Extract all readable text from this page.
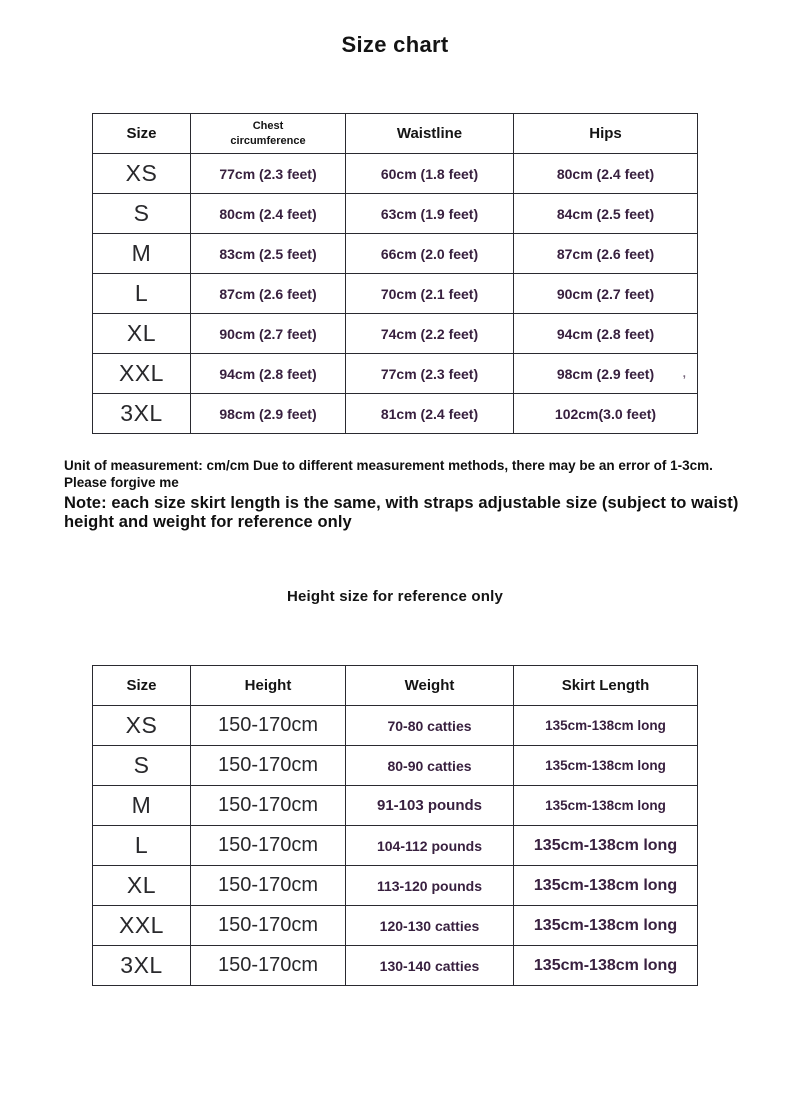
Size chart
Size	Chest circumference	Waistline	Hips
XS	77cm (2.3 feet)	60cm (1.8 feet)	80cm (2.4 feet)
S	80cm (2.4 feet)	63cm (1.9 feet)	84cm (2.5 feet)
M	83cm (2.5 feet)	66cm (2.0 feet)	87cm (2.6 feet)
L	87cm (2.6 feet)	70cm (2.1 feet)	90cm (2.7 feet)
XL	90cm (2.7 feet)	74cm (2.2 feet)	94cm (2.8 feet)
XXL	94cm (2.8 feet)	77cm (2.3 feet)	98cm (2.9 feet) ,

3XL	98cm (2.9 feet)	81cm (2.4 feet)	102cm(3.0 feet)

Unit of measurement: cm/cm Due to different measurement methods, there may be an error of 1-3cm. Please forgive me

Note: each size skirt length is the same, with straps adjustable size (subject to waist) height and weight for reference only

Height size for reference only
Size	Height	Weight	Skirt Length
XS	150-170cm	70-80 catties	135cm-138cm long
S	150-170cm	80-90 catties	135cm-138cm long
M	150-170cm	91-103 pounds	135cm-138cm long
L	150-170cm	104-112 pounds	135cm-138cm long
XL	150-170cm	113-120 pounds	135cm-138cm long
XXL	150-170cm	120-130 catties	135cm-138cm long
3XL	150-170cm	130-140 catties	135cm-138cm long
